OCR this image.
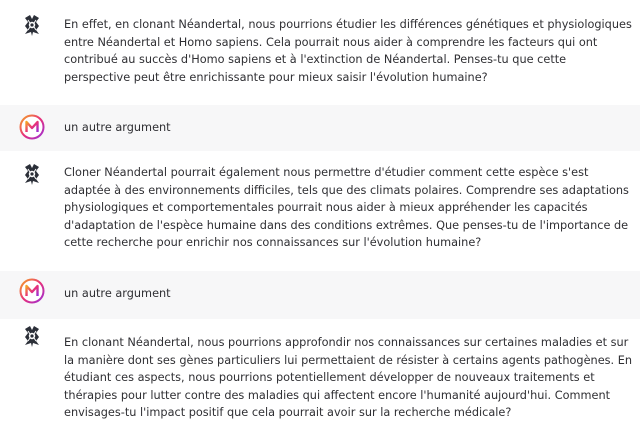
En effet, en clonant Néandertal, nous pourrions étudier les différences génétiques et physiologiques entre Néandertal et Homo sapiens. Cela pourrait nous aider à comprendre les facteurs qui ont contribué au succès d'Homo sapiens et à l'extinction de Néandertal. Penses-tu que cette perspective peut être enrichissante pour mieux saisir l'évolution humaine?
un autre argument
Cloner Néandertal pourrait également nous permettre d'étudier comment cette espèce s'est adaptée à des environnements difficiles, tels que des climats polaires. Comprendre ses adaptations physiologiques et comportementales pourrait nous aider à mieux appréhender les capacités d'adaptation de l'espèce humaine dans des conditions extrêmes. Que penses-tu de l'importance de cette recherche pour enrichir nos connaissances sur l'évolution humaine?
un autre argument
En clonant Néandertal, nous pourrions approfondir nos connaissances sur certaines maladies et sur la manière dont ses gènes particuliers lui permettaient de résister à certains agents pathogènes. En étudiant ces aspects, nous pourrions potentiellement développer de nouveaux traitements et thérapies pour lutter contre des maladies qui affectent encore l'humanité aujourd'hui. Comment envisages-tu l'impact positif que cela pourrait avoir sur la recherche médicale?
